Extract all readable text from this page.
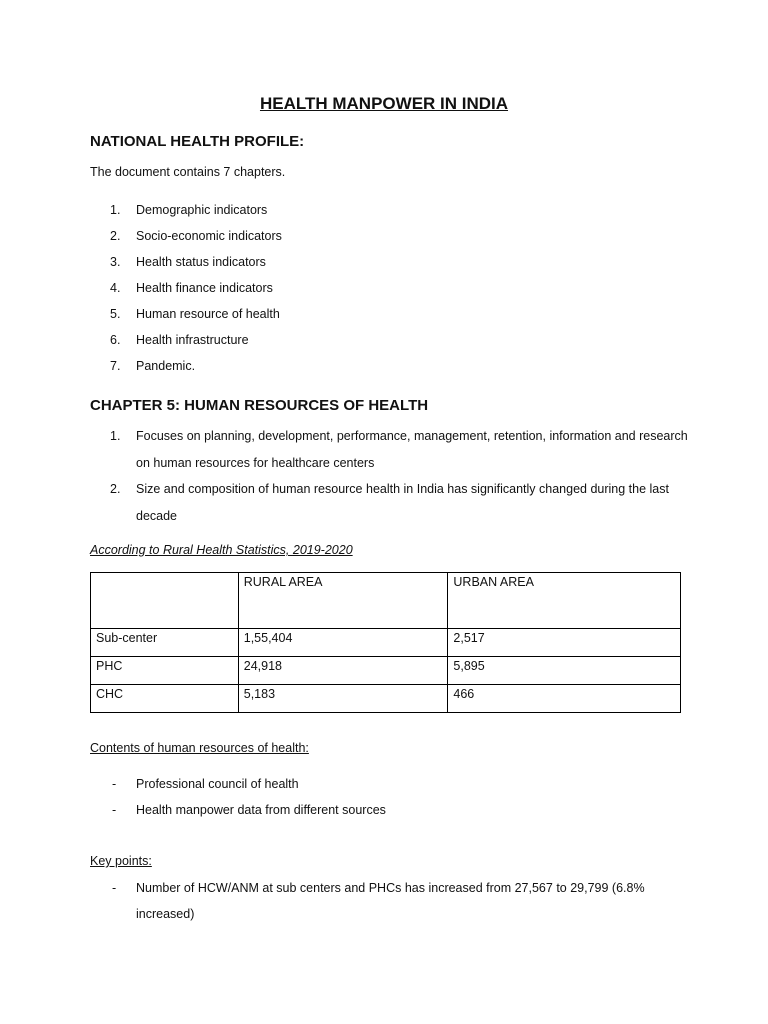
HEALTH MANPOWER IN INDIA
NATIONAL HEALTH PROFILE:
The document contains 7 chapters.
1. Demographic indicators
2. Socio-economic indicators
3. Health status indicators
4. Health finance indicators
5. Human resource of health
6. Health infrastructure
7. Pandemic.
CHAPTER 5: HUMAN RESOURCES OF HEALTH
1. Focuses on planning, development, performance, management, retention, information and research on human resources for healthcare centers
2. Size and composition of human resource health in India has significantly changed during the last decade
According to Rural Health Statistics, 2019-2020
	RURAL AREA	URBAN AREA
Sub-center	1,55,404	2,517
PHC	24,918	5,895
CHC	5,183	466
Contents of human resources of health:
- Professional council of health
- Health manpower data from different sources
Key points:
- Number of HCW/ANM at sub centers and PHCs has increased from 27,567 to 29,799 (6.8% increased)
